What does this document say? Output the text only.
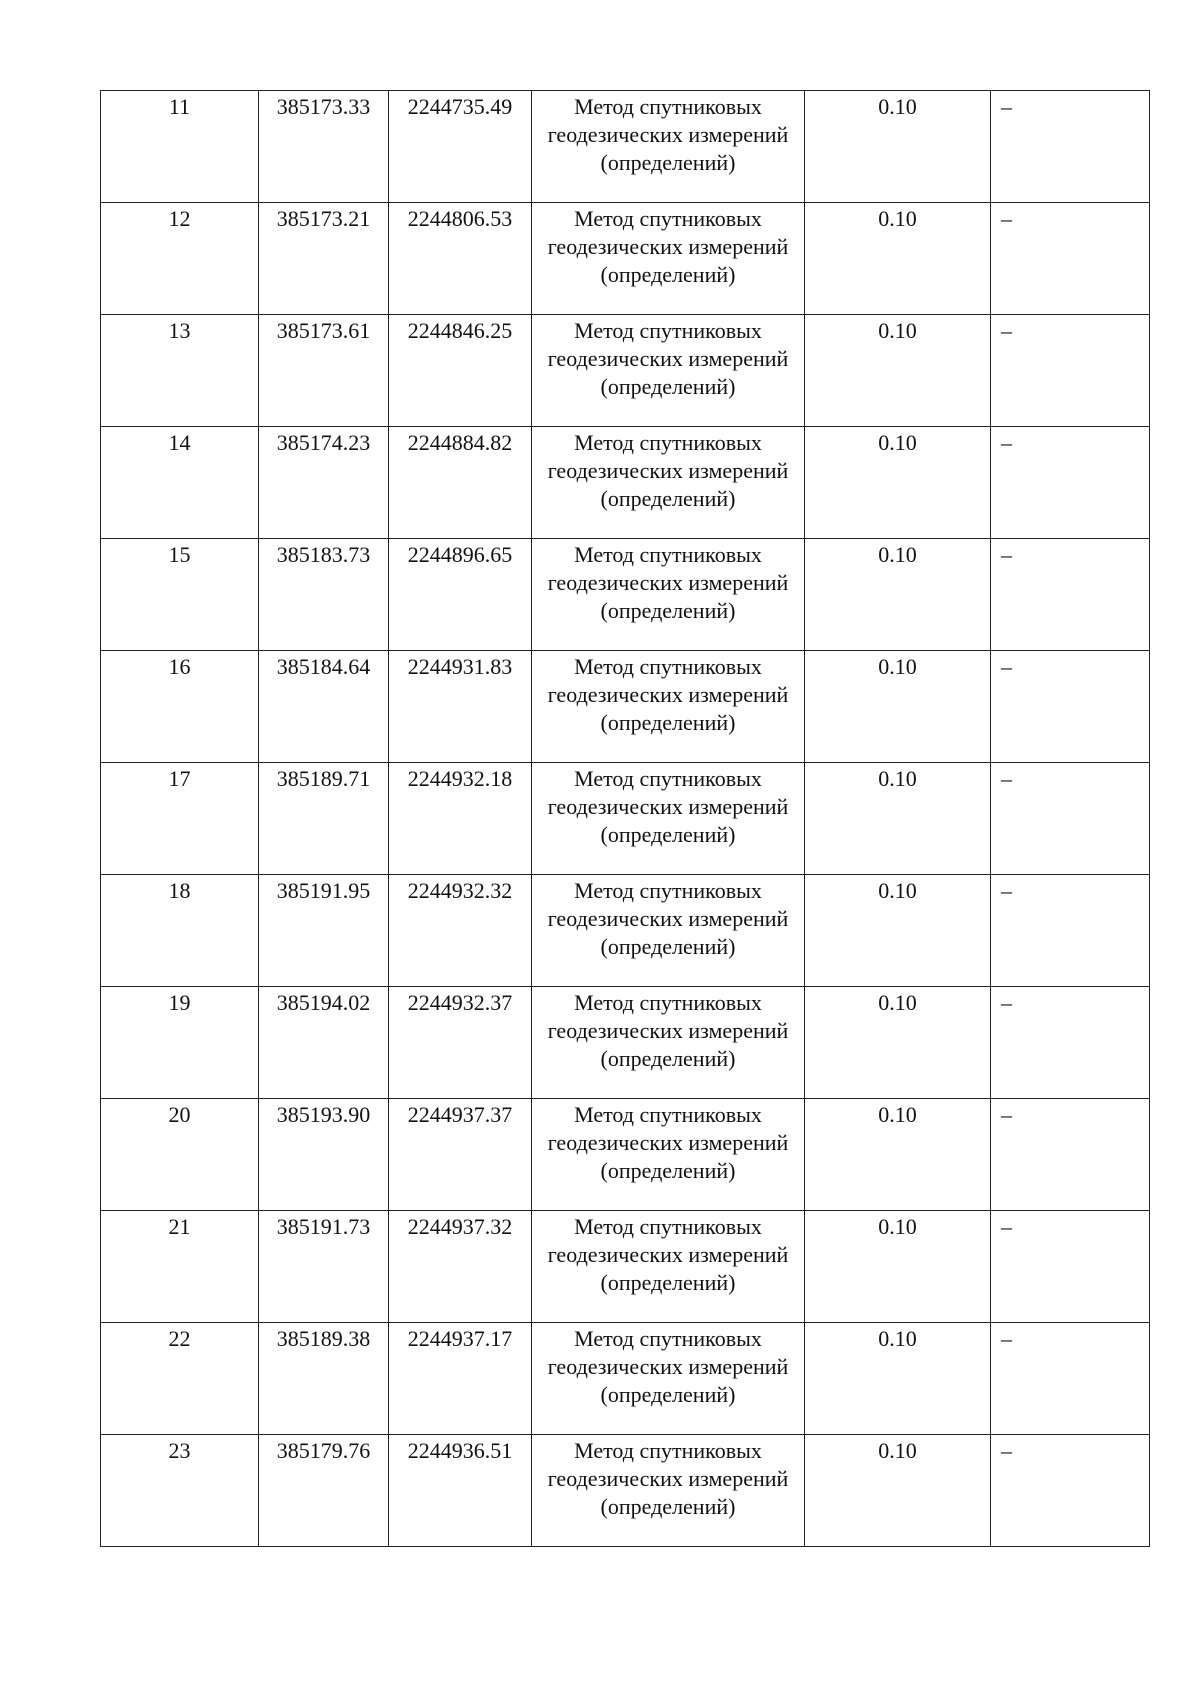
11	385173.33	2244735.49	Метод спутниковых геодезических измерений (определений)	0.10	–
12	385173.21	2244806.53	Метод спутниковых геодезических измерений (определений)	0.10	–
13	385173.61	2244846.25	Метод спутниковых геодезических измерений (определений)	0.10	–
14	385174.23	2244884.82	Метод спутниковых геодезических измерений (определений)	0.10	–
15	385183.73	2244896.65	Метод спутниковых геодезических измерений (определений)	0.10	–
16	385184.64	2244931.83	Метод спутниковых геодезических измерений (определений)	0.10	–
17	385189.71	2244932.18	Метод спутниковых геодезических измерений (определений)	0.10	–
18	385191.95	2244932.32	Метод спутниковых геодезических измерений (определений)	0.10	–
19	385194.02	2244932.37	Метод спутниковых геодезических измерений (определений)	0.10	–
20	385193.90	2244937.37	Метод спутниковых геодезических измерений (определений)	0.10	–
21	385191.73	2244937.32	Метод спутниковых геодезических измерений (определений)	0.10	–
22	385189.38	2244937.17	Метод спутниковых геодезических измерений (определений)	0.10	–
23	385179.76	2244936.51	Метод спутниковых геодезических измерений (определений)	0.10	–
